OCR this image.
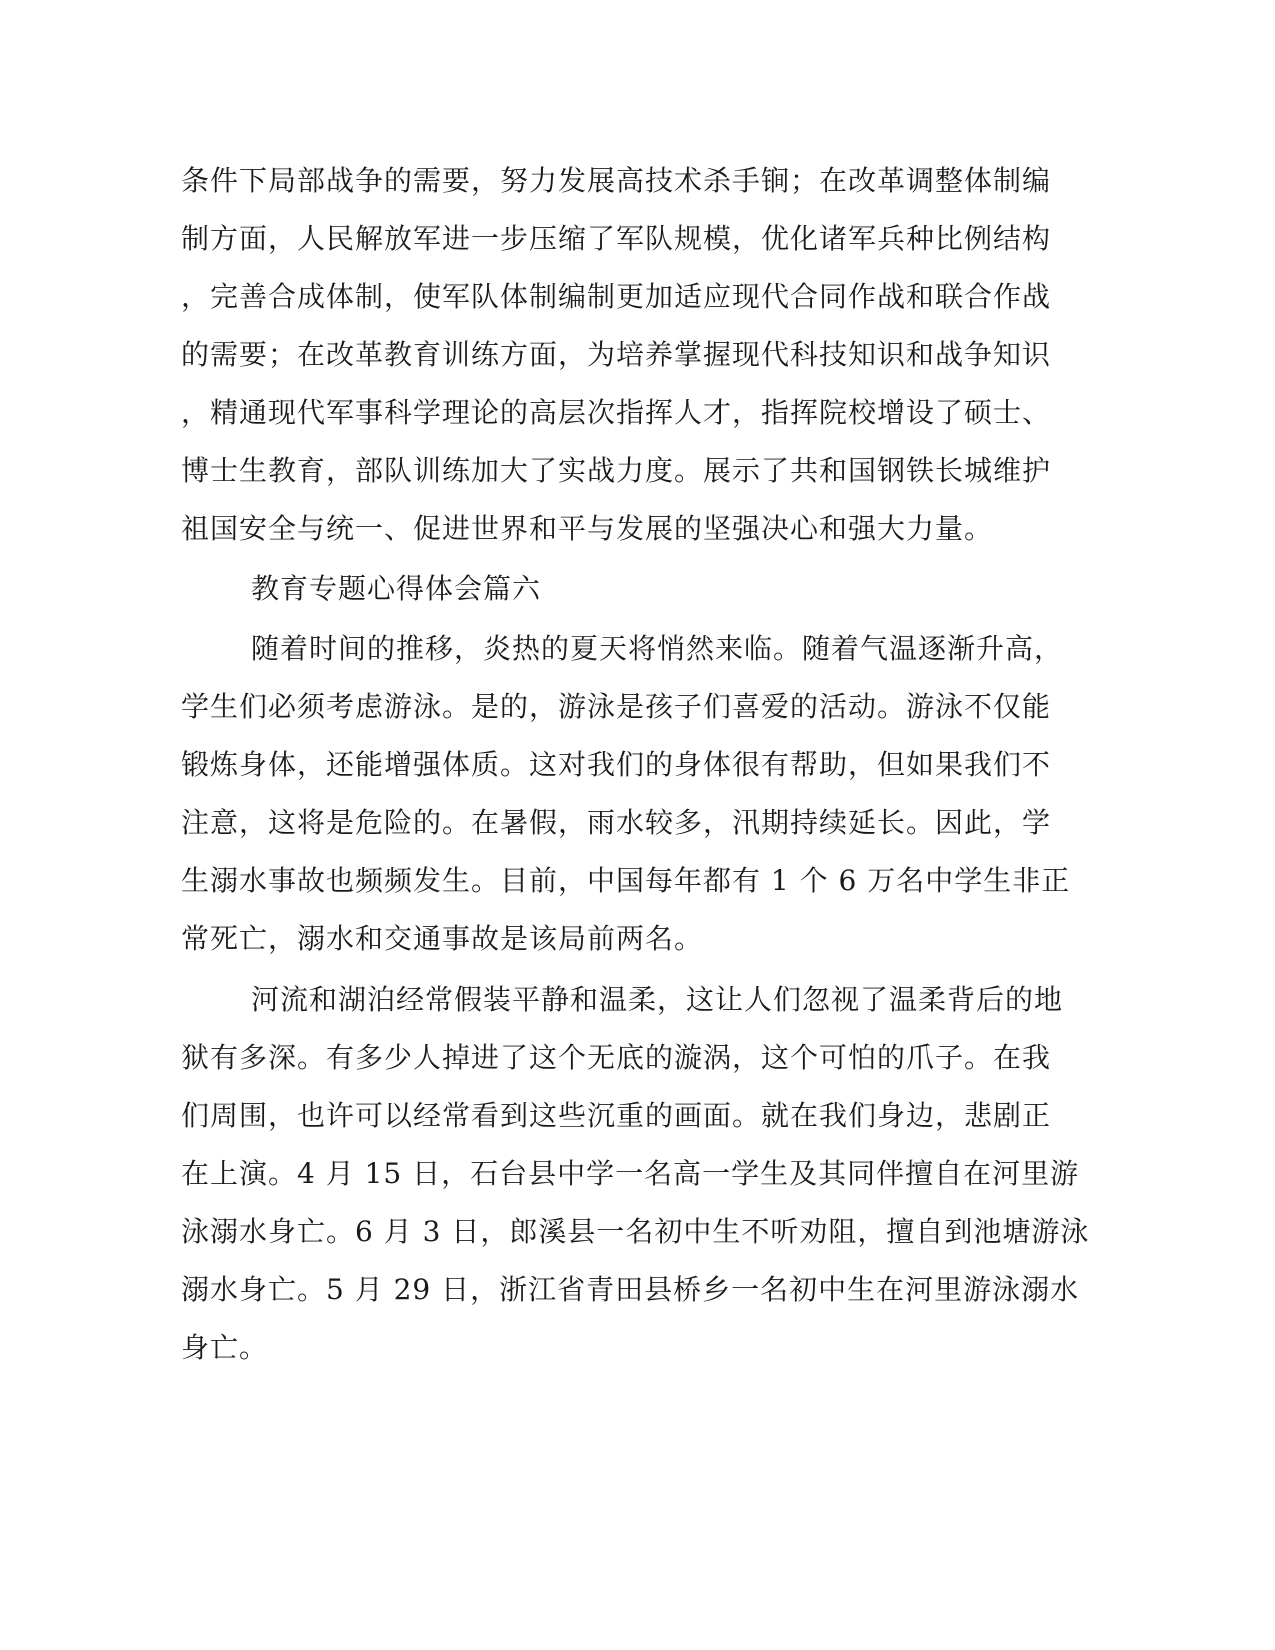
条件下局部战争的需要，努力发展高技术杀手锏；在改革调整体制编
制方面，人民解放军进一步压缩了军队规模，优化诸军兵种比例结构
，完善合成体制，使军队体制编制更加适应现代合同作战和联合作战
的需要；在改革教育训练方面，为培养掌握现代科技知识和战争知识
，精通现代军事科学理论的高层次指挥人才，指挥院校增设了硕士、
博士生教育，部队训练加大了实战力度。展示了共和国钢铁长城维护
祖国安全与统一、促进世界和平与发展的坚强决心和强大力量。
教育专题心得体会篇六
随着时间的推移，炎热的夏天将悄然来临。随着气温逐渐升高，
学生们必须考虑游泳。是的，游泳是孩子们喜爱的活动。游泳不仅能
锻炼身体，还能增强体质。这对我们的身体很有帮助，但如果我们不
注意，这将是危险的。在暑假，雨水较多，汛期持续延长。因此，学
生溺水事故也频频发生。目前，中国每年都有 1 个 6 万名中学生非正
常死亡，溺水和交通事故是该局前两名。
河流和湖泊经常假装平静和温柔，这让人们忽视了温柔背后的地
狱有多深。有多少人掉进了这个无底的漩涡，这个可怕的爪子。在我
们周围，也许可以经常看到这些沉重的画面。就在我们身边，悲剧正
在上演。4 月 15 日，石台县中学一名高一学生及其同伴擅自在河里游
泳溺水身亡。6 月 3 日，郎溪县一名初中生不听劝阻，擅自到池塘游泳
溺水身亡。5 月 29 日，浙江省青田县桥乡一名初中生在河里游泳溺水
身亡。
